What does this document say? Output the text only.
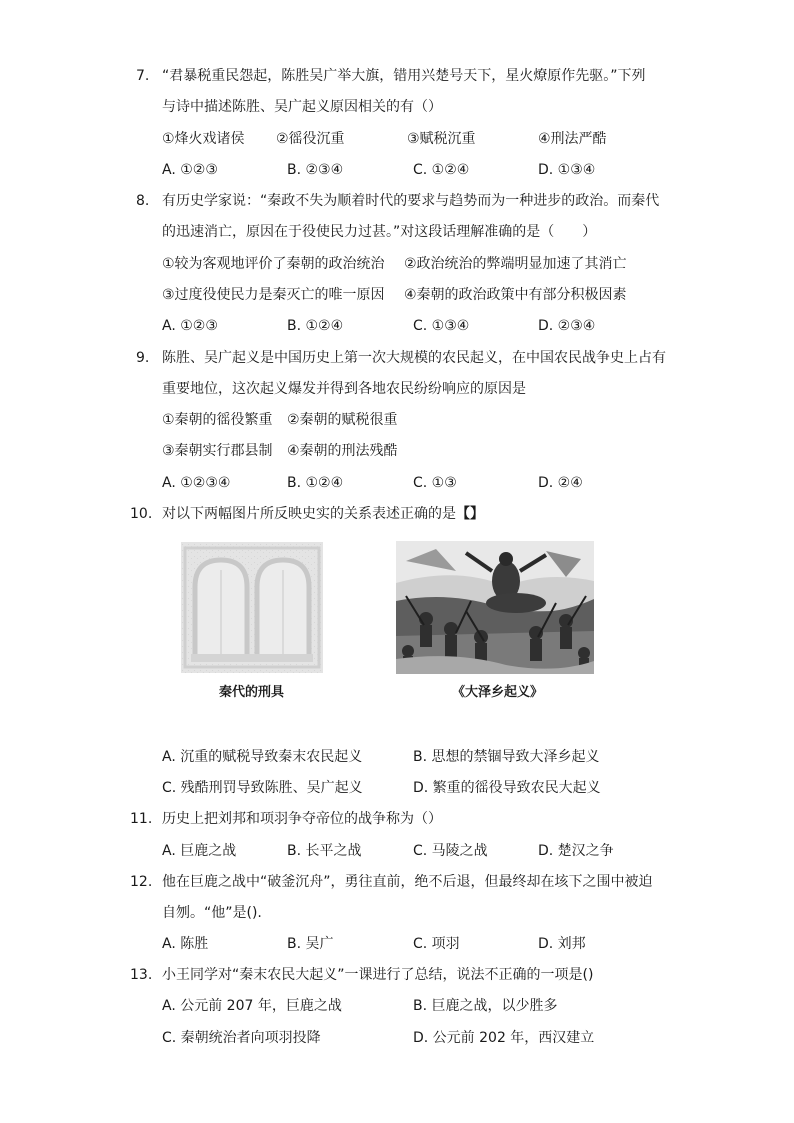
7. “君暴税重民怨起，陈胜吴广举大旗，错用兴楚号天下，星火燎原作先驱。”下列
与诗中描述陈胜、吴广起义原因相关的有（）
①烽火戏诸侯 ②徭役沉重	③赋税沉重	④刑法严酷
A. ①②③	B. ②③④	C. ①②④	D. ①③④
8. 有历史学家说：“秦政不失为顺着时代的要求与趋势而为一种进步的政治。而秦代
的迅速消亡，原因在于役使民力过甚。”对这段话理解准确的是（　　）
①较为客观地评价了秦朝的政治统治 ②政治统治的弊端明显加速了其消亡
③过度役使民力是秦灭亡的唯一原因 ④秦朝的政治政策中有部分积极因素
A. ①②③	B. ①②④	C. ①③④	D. ②③④
9. 陈胜、吴广起义是中国历史上第一次大规模的农民起义，在中国农民战争史上占有
重要地位，这次起义爆发并得到各地农民纷纷响应的原因是
①秦朝的徭役繁重 ②秦朝的赋税很重
③秦朝实行郡县制 ④秦朝的刑法残酷
A. ①②③④	B. ①②④	C. ①③	D. ②④
10. 对以下两幅图片所反映史实的关系表述正确的是【】
秦代的刑具	《大泽乡起义》
A. 沉重的赋税导致秦末农民起义	B. 思想的禁锢导致大泽乡起义
C. 残酷刑罚导致陈胜、吴广起义	D. 繁重的徭役导致农民大起义
11. 历史上把刘邦和项羽争夺帝位的战争称为（）
A. 巨鹿之战	B. 长平之战	C. 马陵之战	D. 楚汉之争
12. 他在巨鹿之战中“破釜沉舟”，勇往直前，绝不后退，但最终却在垓下之围中被迫
自刎。“他”是().
A. 陈胜	B. 吴广	C. 项羽	D. 刘邦
13. 小王同学对“秦末农民大起义”一课进行了总结，说法不正确的一项是()
A. 公元前 207 年，巨鹿之战	B. 巨鹿之战，以少胜多
C. 秦朝统治者向项羽投降	D. 公元前 202 年，西汉建立
